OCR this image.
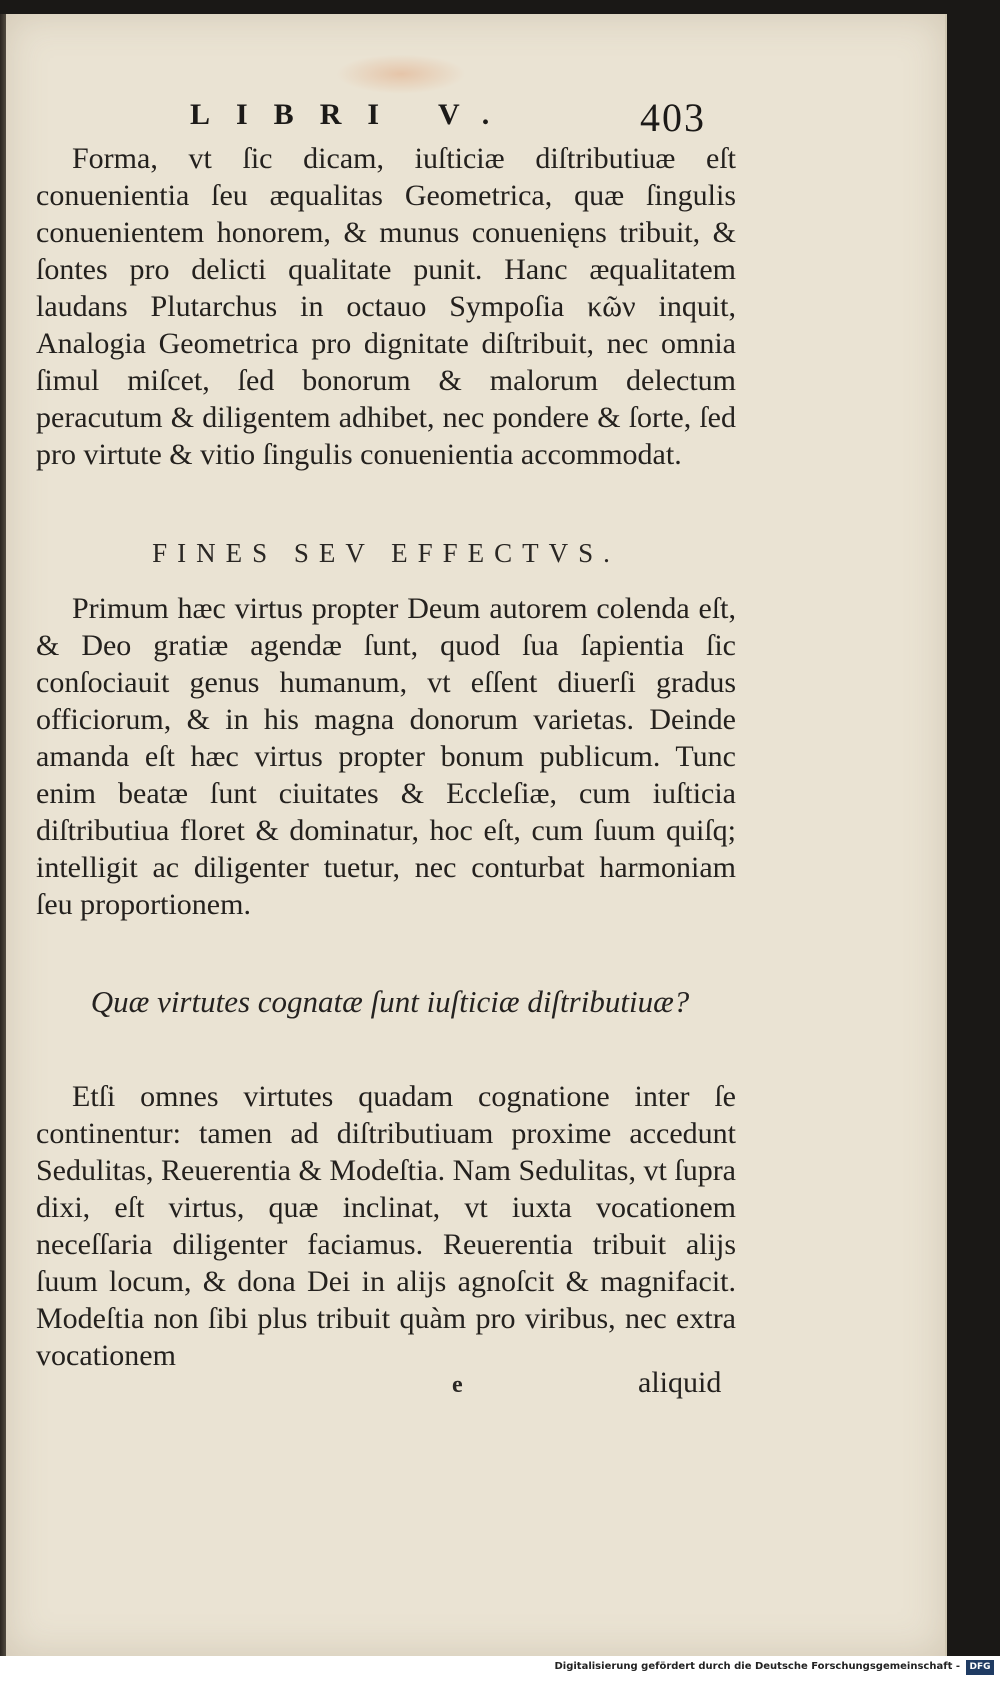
LIBRI V.	403

Forma, vt ſic dicam, iuſticiæ diſtributiuæ eſt conuenientia ſeu æqualitas Geometrica, quæ ſingulis conuenientem honorem, & munus conuenięns tribuit, & ſontes pro delicti qualitate punit. Hanc æqualitatem laudans Plutarchus in octauo Sympoſia κῶν inquit, Analogia Geometrica pro dignitate diſtribuit, nec omnia ſimul miſcet, ſed bonorum & malorum delectum peracutum & diligentem adhibet, nec pondere & ſorte, ſed pro virtute & vitio ſingulis conuenientia accommodat.

FINES SEV EFFECTVS.

Primum hæc virtus propter Deum autorem colenda eſt, & Deo gratiæ agendæ ſunt, quod ſua ſapientia ſic conſociauit genus humanum, vt eſſent diuerſi gradus officiorum, & in his magna donorum varietas. Deinde amanda eſt hæc virtus propter bonum publicum. Tunc enim beatæ ſunt ciuitates & Eccleſiæ, cum iuſticia diſtributiua floret & dominatur, hoc eſt, cum ſuum quiſq; intelligit ac diligenter tuetur, nec conturbat harmoniam ſeu proportionem.

Quæ virtutes cognatæ ſunt iuſticiæ diſtributiuæ?

Etſi omnes virtutes quadam cognatione inter ſe continentur: tamen ad diſtributiuam proxime accedunt Sedulitas, Reuerentia & Modeſtia. Nam Sedulitas, vt ſupra dixi, eſt virtus, quæ inclinat, vt iuxta vocationem neceſſaria diligenter faciamus. Reuerentia tribuit alijs ſuum locum, & dona Dei in alijs agnoſcit & magnifacit. Modeſtia non ſibi plus tribuit quàm pro viribus, nec extra vocationem

e	aliquid
Digitalisierung gefördert durch die Deutsche Forschungsgemeinschaft -	DFG
